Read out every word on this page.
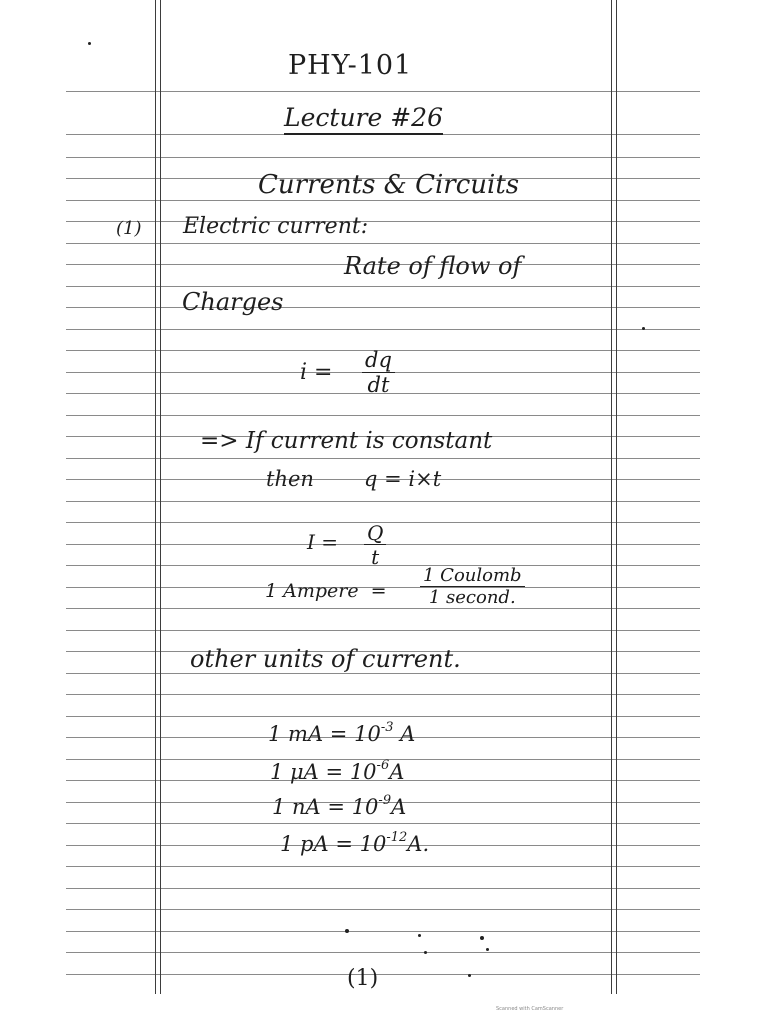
PHY-101
Lecture #26
Currents & Circuits
(1) Electric current:
Rate of flow of
Charges
$i = \frac{dq}{dt}$
=> If current is constant
then q = i×t
$I = \frac{Q}{t}$
1 Ampere  =
1 Coulomb
1 second.
other units of current.
1 mA = $10^{-3}$ A
1 $\mu A = 10^{-6}A$
1 nA = $10^{-9}A$
1 pA = $10^{-12}A$.
(1)
Scanned with CamScanner
